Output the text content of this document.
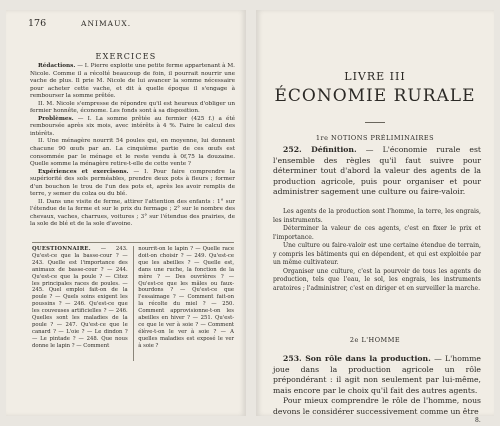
176	ANIMAUX.
EXERCICES

Rédactions. — I. Pierre exploite une petite ferme appartenant à M. Nicole. Comme il a récolté beaucoup de foin, il pourrait nourrir une vache de plus. Il prie M. Nicole de lui avancer la somme nécessaire pour acheter cette vache, et dit à quelle époque il s'engage à rembourser la somme prêtée.

II. M. Nicole s'empresse de répondre qu'il est heureux d'obliger un fermier honnête, économe. Les fonds sont à sa disposition.

Problèmes. — I. La somme prêtée au fermier (425 f.) a été remboursée après six mois, avec intérêts à 4 %. Faire le calcul des intérêts.

II. Une ménagère nourrit 54 poules qui, en moyenne, lui donnent chacune 90 œufs par an. La cinquième partie de ces œufs est consommée par le ménage et le reste vendu à 0f,75 la douzaine. Quelle somme la ménagère retire-t-elle de cette vente ?

Expériences et exercisons. — I. Pour faire comprendre la supériorité des sols perméables, prendre deux pots à fleurs ; former d'un bouchon le trou de l'un des pots et, après les avoir remplis de terre, y semer du colza ou du blé.

II. Dans une visite de ferme, attirer l'attention des enfants : 1° sur l'étendue de la ferme et sur le prix du fermage ; 2° sur le nombre des chevaux, vaches, charrues, voitures ; 3° sur l'étendue des prairies, de la sole de blé et de la sole d'avoine.

QUESTIONNAIRE. — 243. Qu'est-ce que la basse-cour ? — 243. Quelle est l'importance des animaux de basse-cour ? — 244. Qu'est-ce que la poule ? — Citez les principales races de poules. — 245. Quel emploi fait-on de la poule ? — Quels soins exigent les poussins ? — 246. Qu'est-ce que les couveuses artificielles ? — 246. Quelles sont les maladies de la poule ? — 247. Qu'est-ce que le canard ? — L'oie ? — Le dindon ? — Le pintade ? — 248. Que nous donne le lapin ? — Comment

nourrit-on le lapin ? — Quelle race doit-on choisir ? — 249. Qu'est-ce que les abeilles ? — Quelle est, dans une ruche, la fonction de la mère ? — Des ouvrières ? — Qu'est-ce que les mâles ou faux-bourdons ? — Qu'est-ce que l'essaimage ? — Comment fait-on la récolte du miel ? — 250. Comment approvisionne-t-on les abeilles en hiver ? — 251. Qu'est-ce que le ver à soie ? — Comment élève-t-on le ver à soie ? — A quelles maladies est exposé le ver à soie ?

LIVRE III
ÉCONOMIE RURALE
1re NOTIONS PRÉLIMINAIRES

252. Définition. — L'économie rurale est l'ensemble des règles qu'il faut suivre pour déterminer tout d'abord la valeur des agents de la production agricole, puis pour organiser et pour administrer sagement une culture ou faire-valoir.

Les agents de la production sont l'homme, la terre, les engrais, les instruments.

Déterminer la valeur de ces agents, c'est en fixer le prix et l'importance.

Une culture ou faire-valoir est une certaine étendue de terrain, y compris les bâtiments qui en dépendent, et qui est exploitée par un même cultivateur.

Organiser une culture, c'est la pourvoir de tous les agents de production, tels que l'eau, le sol, les engrais, les instruments aratoires ; l'administrer, c'est en diriger et en surveiller la marche.

2e L'HOMME

253. Son rôle dans la production. — L'homme joue dans la production agricole un rôle prépondérant : il agit non seulement par lui-même, mais encore par le choix qu'il fait des autres agents.

Pour mieux comprendre le rôle de l'homme, nous devons le considérer successivement comme un être

8.
